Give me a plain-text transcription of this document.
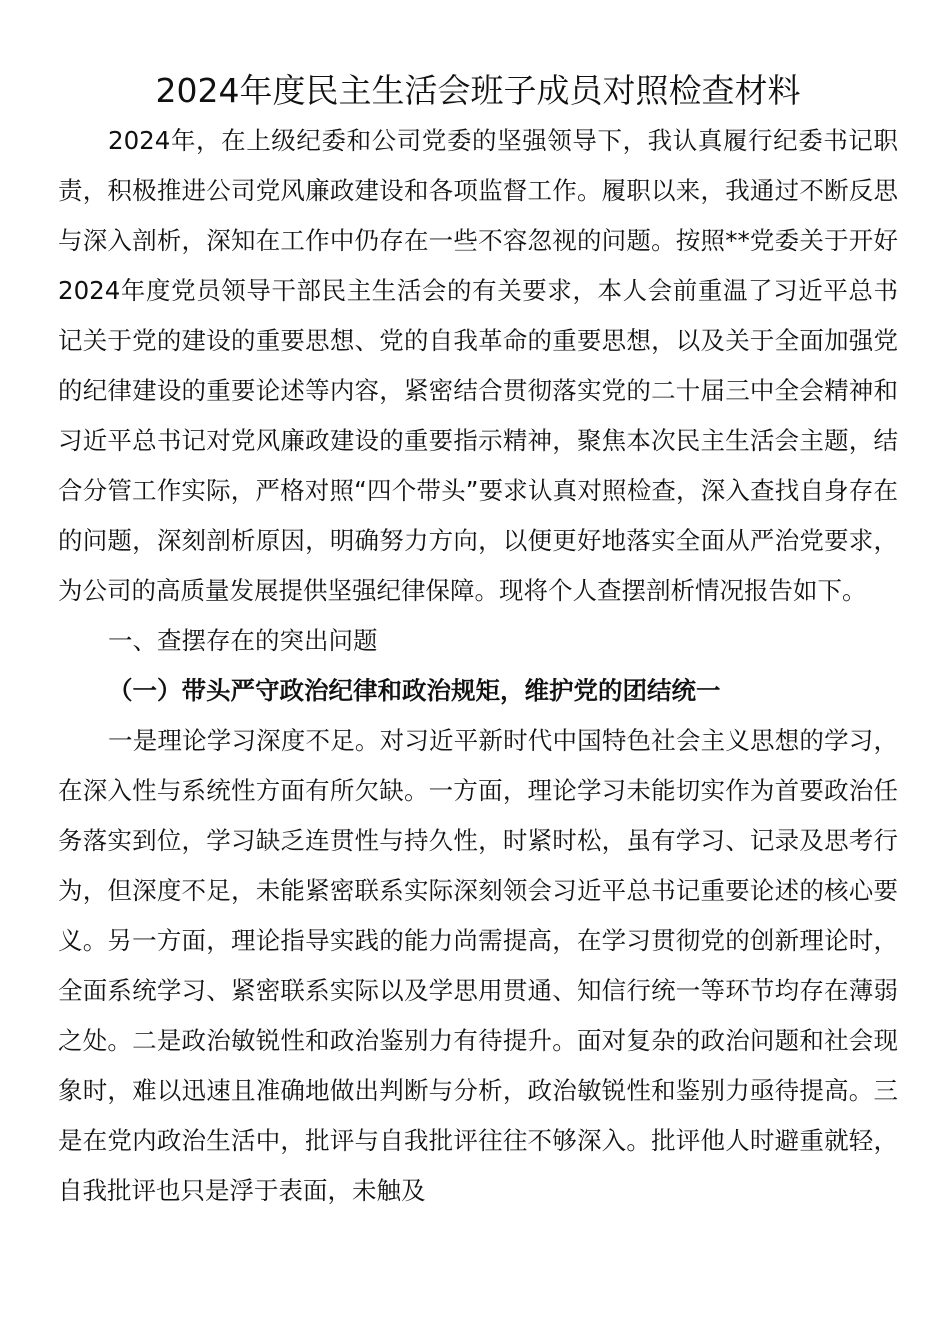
2024年度民主生活会班子成员对照检查材料

2024年，在上级纪委和公司党委的坚强领导下，我认真履行纪委书记职责，积极推进公司党风廉政建设和各项监督工作。履职以来，我通过不断反思与深入剖析，深知在工作中仍存在一些不容忽视的问题。按照**党委关于开好2024年度党员领导干部民主生活会的有关要求，本人会前重温了习近平总书记关于党的建设的重要思想、党的自我革命的重要思想，以及关于全面加强党的纪律建设的重要论述等内容，紧密结合贯彻落实党的二十届三中全会精神和习近平总书记对党风廉政建设的重要指示精神，聚焦本次民主生活会主题，结合分管工作实际，严格对照“四个带头”要求认真对照检查，深入查找自身存在的问题，深刻剖析原因，明确努力方向，以便更好地落实全面从严治党要求，为公司的高质量发展提供坚强纪律保障。现将个人查摆剖析情况报告如下。

一、查摆存在的突出问题

（一）带头严守政治纪律和政治规矩，维护党的团结统一

一是理论学习深度不足。对习近平新时代中国特色社会主义思想的学习，在深入性与系统性方面有所欠缺。一方面，理论学习未能切实作为首要政治任务落实到位，学习缺乏连贯性与持久性，时紧时松，虽有学习、记录及思考行为，但深度不足，未能紧密联系实际深刻领会习近平总书记重要论述的核心要义。另一方面，理论指导实践的能力尚需提高，在学习贯彻党的创新理论时，全面系统学习、紧密联系实际以及学思用贯通、知信行统一等环节均存在薄弱之处。二是政治敏锐性和政治鉴别力有待提升。面对复杂的政治问题和社会现象时，难以迅速且准确地做出判断与分析，政治敏锐性和鉴别力亟待提高。三是在党内政治生活中，批评与自我批评往往不够深入。批评他人时避重就轻，自我批评也只是浮于表面，未触及
